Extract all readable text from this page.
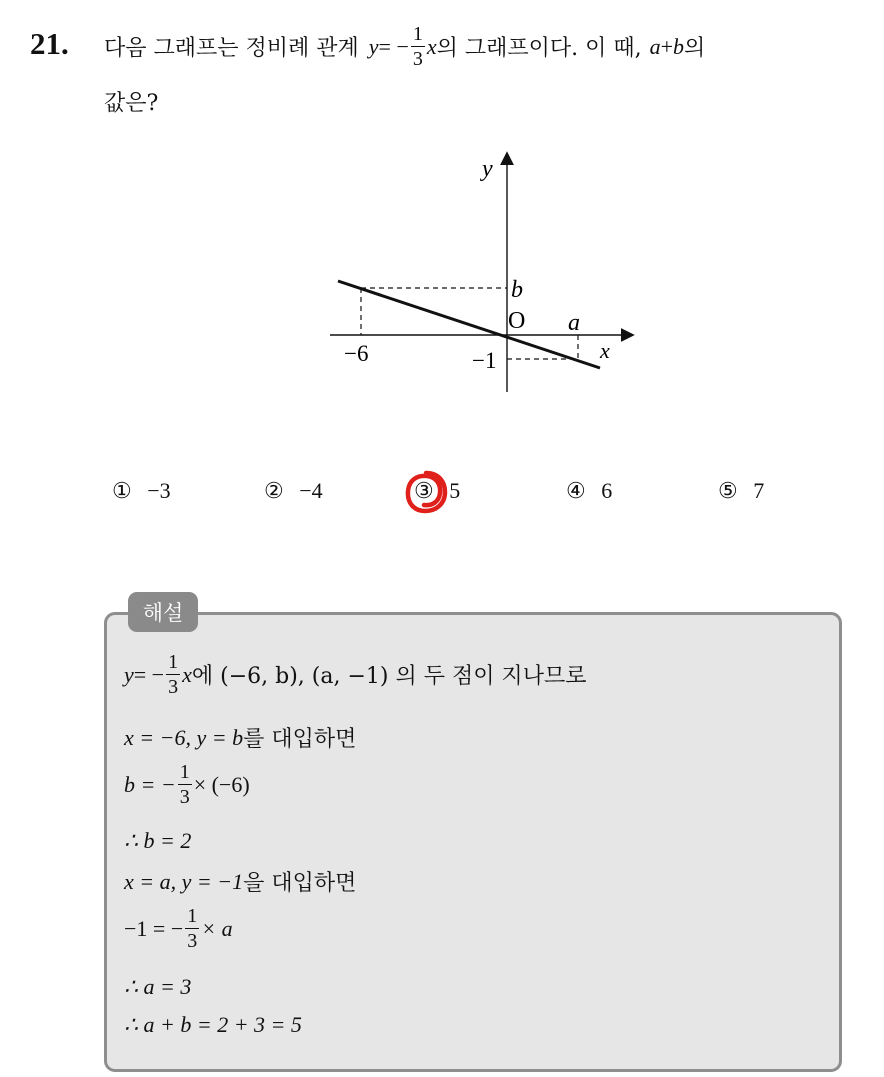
21. 다음 그래프는 정비례 관계 y = − $\frac{1}{3}$ x 의 그래프이다. 이 때, a + b 의
값은?
y
x
O
b
a
−6	−1
① −3	② −4	③ 5	④ 6	⑤ 7
해설
y = − $\frac{1}{3}$ x 에 (−6, b), (a, −1) 의 두 점이 지나므로
x = −6, y = b 를 대입하면
b = − $\frac{1}{3} \times (-6)$
∴ b = 2
x = a, y = −1 을 대입하면
−1 = − $\frac{1}{3} \times a$
∴ a = 3
∴ a + b = 2 + 3 = 5
